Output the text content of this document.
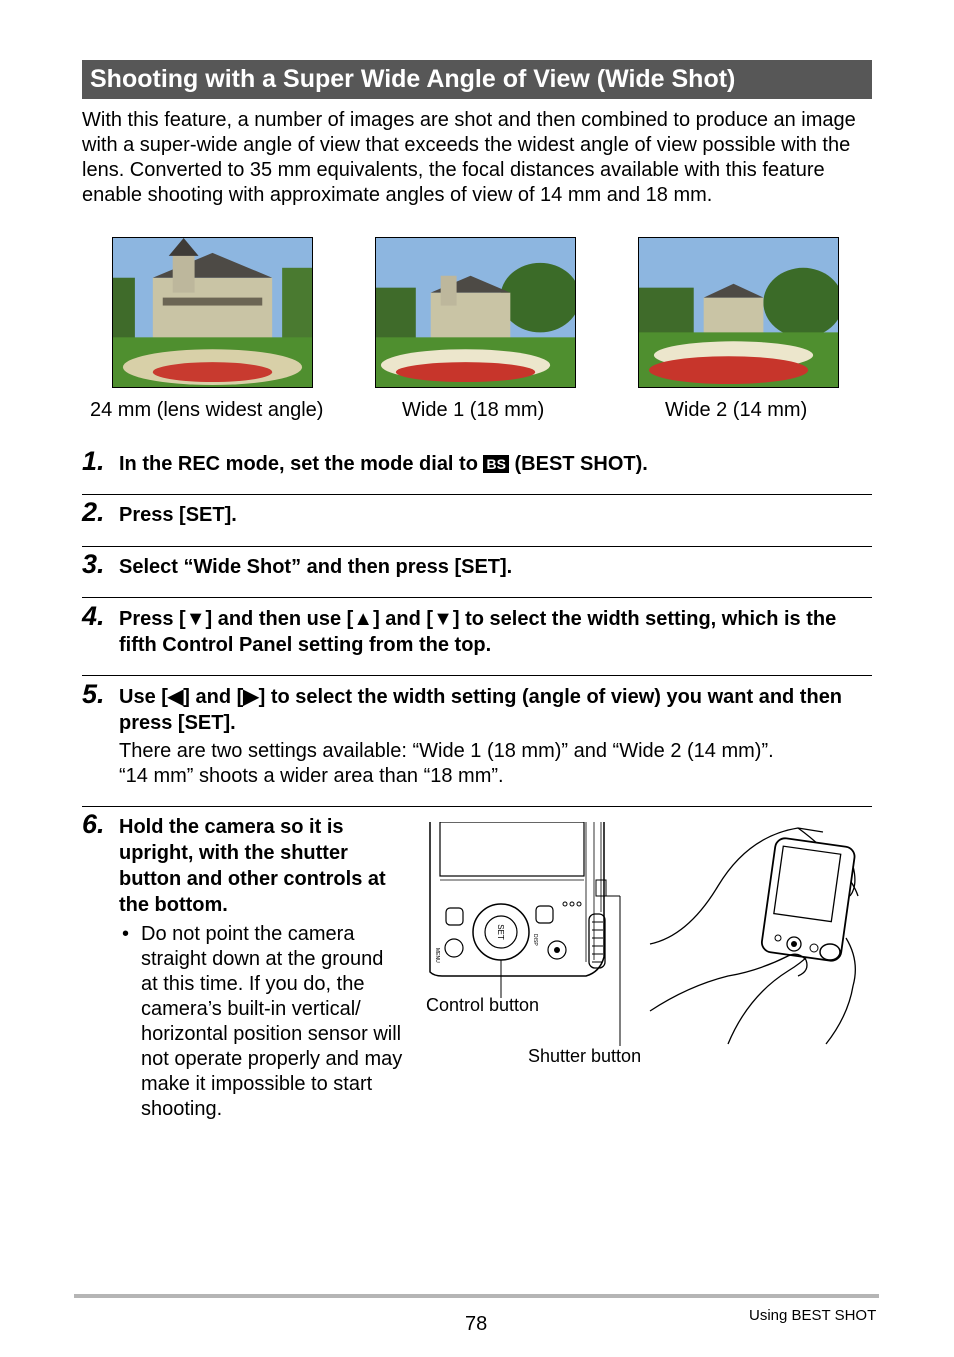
Shooting with a Super Wide Angle of View (Wide Shot)
With this feature, a number of images are shot and then combined to produce an image with a super-wide angle of view that exceeds the widest angle of view possible with the lens. Converted to 35 mm equivalents, the focal distances available with this feature enable shooting with approximate angles of view of 14 mm and 18 mm.
24 mm (lens widest angle)	Wide 1 (18 mm)	Wide 2 (14 mm)
1. In the REC mode, set the mode dial to BS (BEST SHOT).
2. Press [SET].
3. Select “Wide Shot” and then press [SET].
4. Press [▼] and then use [▲] and [▼] to select the width setting, which is the fifth Control Panel setting from the top.
5. Use [◀] and [▶] to select the width setting (angle of view) you want and then press [SET].
There are two settings available: “Wide 1 (18 mm)” and “Wide 2 (14 mm)”.
“14 mm” shoots a wider area than “18 mm”.
6. Hold the camera so it is upright, with the shutter button and other controls at the bottom.
• Do not point the camera straight down at the ground at this time. If you do, the camera’s built-in vertical/ horizontal position sensor will not operate properly and may make it impossible to start shooting.
SET
MENU
DISP
Control button
Shutter button
78	Using BEST SHOT
